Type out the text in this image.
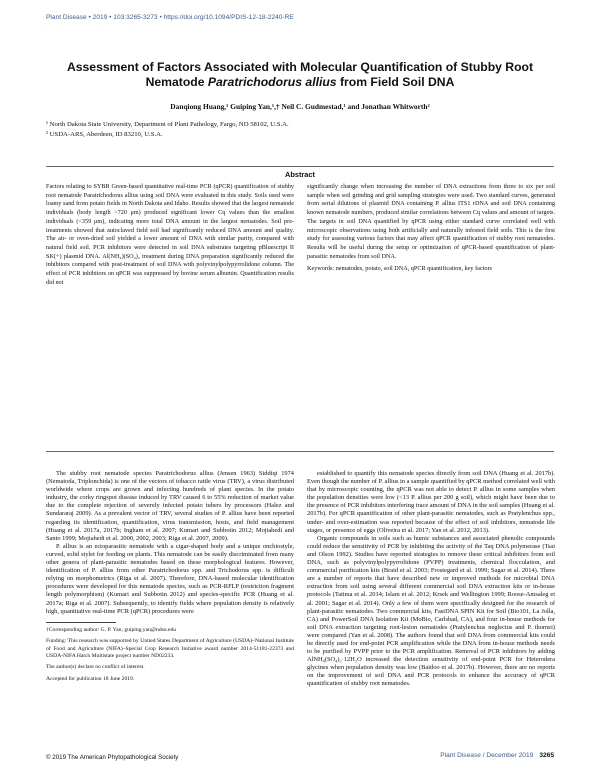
Plant Disease • 2019 • 103:3265-3273 • https://doi.org/10.1094/PDIS-12-18-2240-RE
Assessment of Factors Associated with Molecular Quantification of Stubby Root
Nematode Paratrichodorus allius from Field Soil DNA
Danqiong Huang,¹ Guiping Yan,¹,† Neil C. Gudmestad,¹ and Jonathan Whitworth²
¹ North Dakota State University, Department of Plant Pathology, Fargo, ND 58102, U.S.A.
² USDA-ARS, Aberdeen, ID 83210, U.S.A.
Abstract

Factors relating to SYBR Green-based quantitative real-time PCR (qPCR) quantification of stubby root nematode Paratrichodorus allius using soil DNA were evaluated in this study. Soils used were loamy sand from potato fields in North Dakota and Idaho. Results showed that the largest nematode individuals (body length >720 μm) produced significant lower Cq values than the smallest individuals (<359 μm), indicating more total DNA amount in the largest nematodes. Soil pre-treatments showed that autoclaved field soil had significantly reduced DNA amount and quality. The air- or oven-dried soil yielded a lower amount of DNA with similar purity, compared with natural field soil. PCR inhibitors were detected in soil DNA substrates targeting pBluescript II SK(+) plasmid DNA. Al(NH₄)(SO₄)₂ treatment during DNA preparation significantly reduced the inhibitors compared with post-treatment of soil DNA with polyvinylpolypyrrolidone column. The effect of PCR inhibitors on qPCR was suppressed by bovine serum albumin. Quantification results did not

significantly change when increasing the number of DNA extractions from three to six per soil sample when soil grinding and grid sampling strategies were used. Two standard curves, generated from serial dilutions of plasmid DNA containing P. allius ITS1 rDNA and soil DNA containing known nematode numbers, produced similar correlations between Cq values and amount of targets. The targets in soil DNA quantified by qPCR using either standard curve correlated well with microscopic observations using both artificially and naturally infested field soils. This is the first study for assessing various factors that may affect qPCR quantification of stubby root nematodes. Results will be useful during the setup or optimization of qPCR-based quantification of plant-parasitic nematodes from soil DNA.

Keywords: nematodes, potato, soil DNA, qPCR quantification, key factors

The stubby root nematode species Paratrichodorus allius (Jensen 1963) Siddiqi 1974 (Nematoda, Triplonchida) is one of the vectors of tobacco rattle virus (TRV), a virus distributed worldwide where crops are grown and infecting hundreds of plant species. In the potato industry, the corky ringspot disease induced by TRV caused 6 to 55% reduction of market value due to the complete rejection of severely infected potato tubers by processors (Halez and Sundararaj 2009). As a prevalent vector of TRV, several studies of P. allius have been reported regarding its identification, quantification, virus transmission, hosts, and field management (Huang et al. 2017a, 2017b; Ingham et al. 2007; Kumari and Subbotin 2012; Mojtahedi and Santo 1999; Mojtahedi et al. 2000, 2002, 2003; Riga et al. 2007, 2009).

P. allius is an ectoparasitic nematode with a cigar-shaped body and a unique onchiostyle, curved, solid stylet for feeding on plants. This nematode can be easily discriminated from many other genera of plant-parasitic nematodes based on these morphological features. However, identification of P. allius from other Paratrichodorus spp. and Trichodorus spp. is difficult relying on morphometrics (Riga et al. 2007). Therefore, DNA-based molecular identification procedures were developed for this nematode species, such as PCR-RFLP (restriction fragment length polymorphism) (Kumari and Subbotin 2012) and species-specific PCR (Huang et al. 2017a; Riga et al. 2007). Subsequently, to identify fields where population density is relatively high, quantitative real-time PCR (qPCR) procedures were

†Corresponding author: G. P. Yan; guiping.yan@ndsu.edu

Funding: This research was supported by United States Department of Agriculture (USDA)–National Institute of Food and Agriculture (NIFA)–Special Crop Research Initiative award number 2014-51181-22373 and USDA-NIFA Hatch Multistate project number ND02233.

The author(s) declare no conflict of interest.

Accepted for publication 18 June 2019.

established to quantify this nematode species directly from soil DNA (Huang et al. 2017b). Even though the number of P. allius in a sample quantified by qPCR method correlated well with that by microscopic counting, the qPCR was not able to detect P. allius in some samples when the population densities were low (<13 P. allius per 200 g soil), which might have been due to the presence of PCR inhibitors interfering trace amount of DNA in the soil samples (Huang et al. 2017b). For qPCR quantification of other plant-parasitic nematodes, such as Pratylenchus spp., under- and over-estimation was reported because of the effect of soil inhibitors, nematode life stages, or presence of eggs (Oliveira et al. 2017; Yan et al. 2012, 2013).

Organic compounds in soils such as humic substances and associated phenolic compounds could reduce the sensitivity of PCR by inhibiting the activity of the Taq DNA polymerase (Tsai and Olson 1992). Studies have reported strategies to remove these critical inhibitors from soil DNA, such as polyvinylpolypyrrolidone (PVPP) treatments, chemical flocculation, and commercial purification kits (Braid et al. 2003; Frostegard et al. 1999; Sagar et al. 2014). There are a number of reports that have described new or improved methods for microbial DNA extraction from soil using several different commercial soil DNA extraction kits or in-house protocols (Tatima et al. 2014; Islam et al. 2012; Krsek and Wellington 1999; Roose-Amsaleg et al. 2001; Sagar et al. 2014). Only a few of them were specifically designed for the research of plant-parasitic nematodes. Two commercial kits, FastDNA SPIN Kit for Soil (Bio101, La Jolla, CA) and PowerSoil DNA Isolation Kit (MoBio, Carlsbad, CA), and four in-house methods for soil DNA extraction targeting root-lesion nematodes (Pratylenchus neglectus and P. thornei) were compared (Yan et al. 2008). The authors found that soil DNA from commercial kits could be directly used for end-point PCR amplification while the DNA from in-house methods needs to be purified by PVPP prior to the PCR amplification. Removal of PCR inhibitors by adding AlNH₄(SO₄)₂·12H₂O increased the detection sensitivity of end-point PCR for Heterodera glycines when population density was low (Baidoo et al. 2017b). However, there are no reports on the improvement of soil DNA and PCR protocols to enhance the accuracy of qPCR quantification of stubby root nematodes.

© 2019 The American Phytopathological Society	Plant Disease / December 2019 3265
